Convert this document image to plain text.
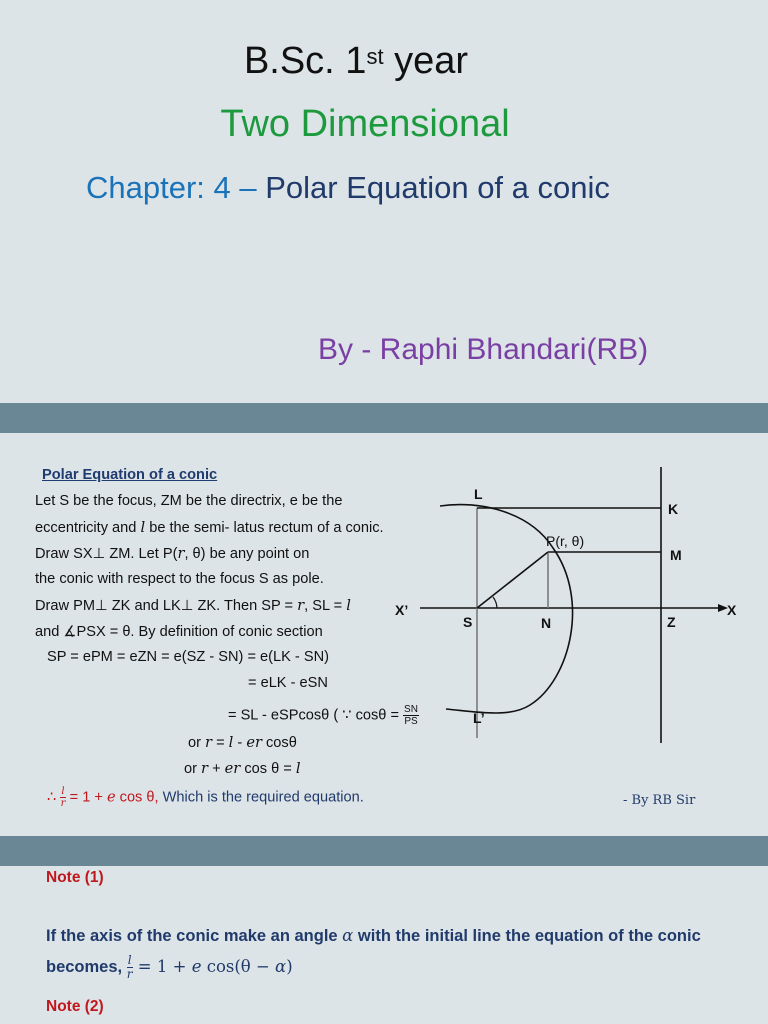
B.Sc. 1st year
Two Dimensional
Chapter: 4 – Polar Equation of a conic
By - Raphi Bhandari(RB)
Polar Equation of a conic
Let S be the focus, ZM be the directrix, e be the
eccentricity and l be the semi- latus rectum of a conic.
Draw SX⊥ ZM. Let P(r, θ) be any point on
the conic with respect to the focus S as pole.
Draw PM⊥ ZK and LK⊥ ZK. Then SP = r, SL = l
and ∡PSX = θ. By definition of conic section
SP = ePM = eZN = e(SZ - SN) = e(LK - SN)
= eLK - eSN
= SL - eSPcosθ ( ∵ $\cos\theta = \frac{SN}{PS}$
or r = l - er cosθ
or r + er cos θ = l
∴ $\frac{l}{r} = 1 + e$ cos θ, Which is the required equation.	- By RB Sir
L
K
P(r, θ)
M
X’	X
S	N	Z
L’
Note (1)
If the axis of the conic make an angle α with the initial line the equation of the conic
becomes, $\frac{l}{r} = 1 + e$ cos(θ − α)
Note (2)
